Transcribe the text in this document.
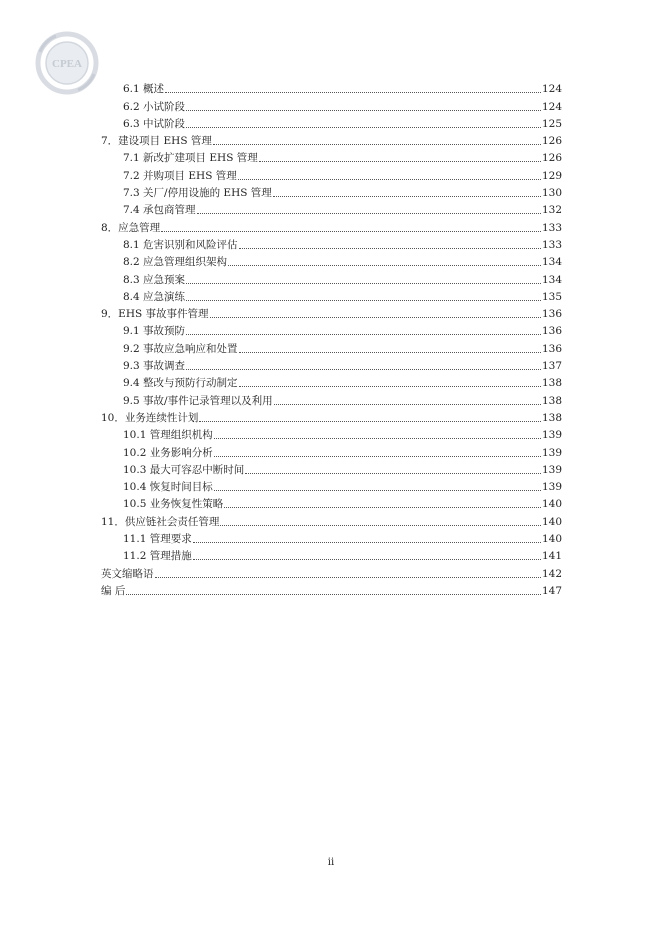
CPEA
6.1 概述	124
6.2 小试阶段	124
6.3 中试阶段	125
7．建设项目 EHS 管理	126
7.1 新改扩建项目 EHS 管理	126
7.2 并购项目 EHS 管理	129
7.3 关厂/停用设施的 EHS 管理	130
7.4 承包商管理	132
8．应急管理	133
8.1 危害识别和风险评估	133
8.2 应急管理组织架构	134
8.3 应急预案	134
8.4 应急演练	135
9．EHS 事故事件管理	136
9.1 事故预防	136
9.2 事故应急响应和处置	136
9.3 事故调查	137
9.4 整改与预防行动制定	138
9.5 事故/事件记录管理以及利用	138
10．业务连续性计划	138
10.1 管理组织机构	139
10.2 业务影响分析	139
10.3 最大可容忍中断时间	139
10.4 恢复时间目标	139
10.5 业务恢复性策略	140
11．供应链社会责任管理	140
11.1 管理要求	140
11.2 管理措施	141
英文缩略语	142
编 后	147
ii
